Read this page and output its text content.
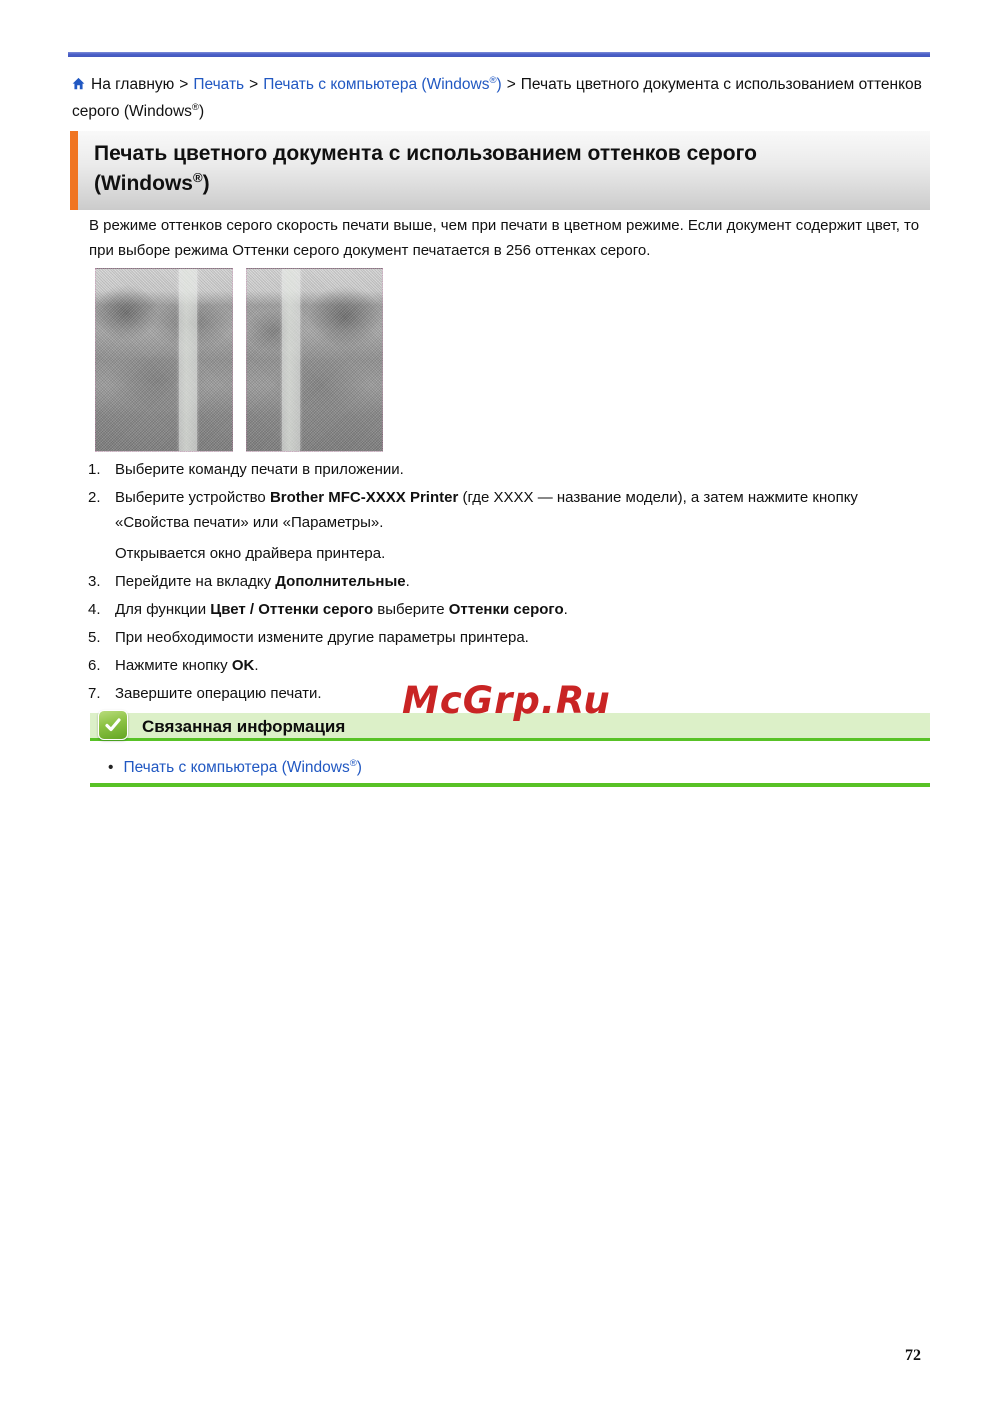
На главную > Печать > Печать с компьютера (Windows®) > Печать цветного документа с использованием оттенков серого (Windows®)
Печать цветного документа с использованием оттенков серого (Windows®)

В режиме оттенков серого скорость печати выше, чем при печати в цветном режиме. Если документ содержит цвет, то при выборе режима Оттенки серого документ печатается в 256 оттенках серого.

1. Выберите команду печати в приложении.

2. Выберите устройство Brother MFC-XXXX Printer (где XXXX — название модели), а затем нажмите кнопку «Свойства печати» или «Параметры».

Открывается окно драйвера принтера.

3. Перейдите на вкладку Дополнительные.

4. Для функции Цвет / Оттенки серого выберите Оттенки серого.

5. При необходимости измените другие параметры принтера.

6. Нажмите кнопку OK.

7. Завершите операцию печати.	McGrp.Ru
Связанная информация
• Печать с компьютера (Windows®)
72
